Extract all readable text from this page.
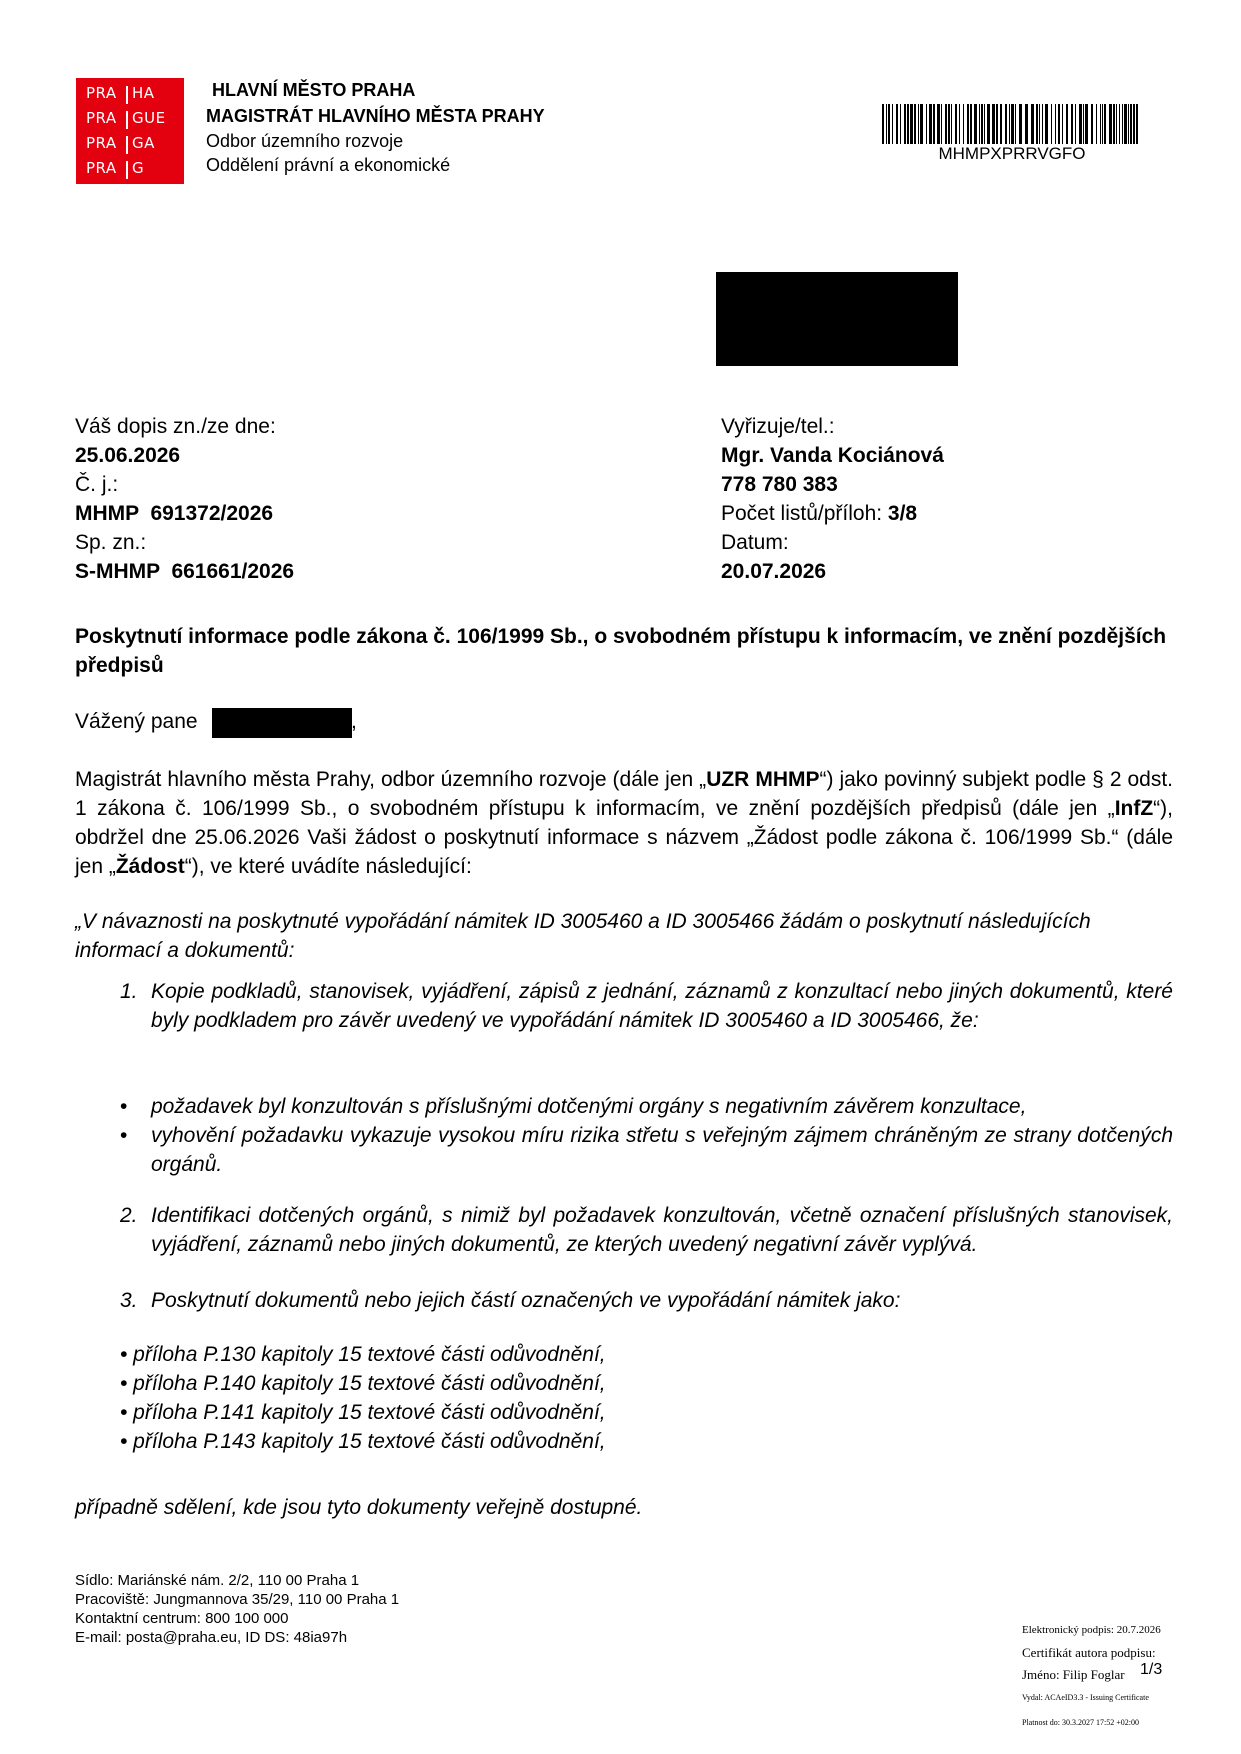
PRA HA
PRA GUE
PRA GA
PRA G
HLAVNÍ MĚSTO PRAHA
MAGISTRÁT HLAVNÍHO MĚSTA PRAHY
Odbor územního rozvoje
Oddělení právní a ekonomické
MHMPXPRRVGFO
Váš dopis zn./ze dne:
25.06.2026
Č. j.:
MHMP  691372/2026
Sp. zn.:
S-MHMP  661661/2026
Vyřizuje/tel.:
Mgr. Vanda Kociánová
778 780 383
Počet listů/příloh: 3/8
Datum:
20.07.2026
Poskytnutí informace podle zákona č. 106/1999 Sb., o svobodném přístupu k informacím, ve znění pozdějších předpisů
Vážený pane	,
Magistrát hlavního města Prahy, odbor územního rozvoje (dále jen „UZR MHMP“) jako povinný subjekt podle § 2 odst. 1 zákona č. 106/1999 Sb., o svobodném přístupu k informacím, ve znění pozdějších předpisů (dále jen „InfZ“), obdržel dne 25.06.2026 Vaši žádost o poskytnutí informace s názvem „Žádost podle zákona č. 106/1999 Sb.“ (dále jen „Žádost“), ve které uvádíte následující:
„V návaznosti na poskytnuté vypořádání námitek ID 3005460 a ID 3005466 žádám o poskytnutí následujících informací a dokumentů:
1. Kopie podkladů, stanovisek, vyjádření, zápisů z jednání, záznamů z konzultací nebo jiných dokumentů, které byly podkladem pro závěr uvedený ve vypořádání námitek ID 3005460 a ID 3005466, že:
• požadavek byl konzultován s příslušnými dotčenými orgány s negativním závěrem konzultace,
• vyhovění požadavku vykazuje vysokou míru rizika střetu s veřejným zájmem chráněným ze strany dotčených orgánů.
2. Identifikaci dotčených orgánů, s nimiž byl požadavek konzultován, včetně označení příslušných stanovisek, vyjádření, záznamů nebo jiných dokumentů, ze kterých uvedený negativní závěr vyplývá.
3. Poskytnutí dokumentů nebo jejich částí označených ve vypořádání námitek jako:
• příloha P.130 kapitoly 15 textové části odůvodnění,
• příloha P.140 kapitoly 15 textové části odůvodnění,
• příloha P.141 kapitoly 15 textové části odůvodnění,
• příloha P.143 kapitoly 15 textové části odůvodnění,
případně sdělení, kde jsou tyto dokumenty veřejně dostupné.
Sídlo: Mariánské nám. 2/2, 110 00 Praha 1
Pracoviště: Jungmannova 35/29, 110 00 Praha 1
Kontaktní centrum: 800 100 000
E-mail: posta@praha.eu, ID DS: 48ia97h	Elektronický podpis: 20.7.2026
Certifikát autora podpisu:
Jméno: Filip Foglar
Vydal: ACAeID3.3 - Issuing Certificate
Platnost do: 30.3.2027 17:52 +02:00
1/3
